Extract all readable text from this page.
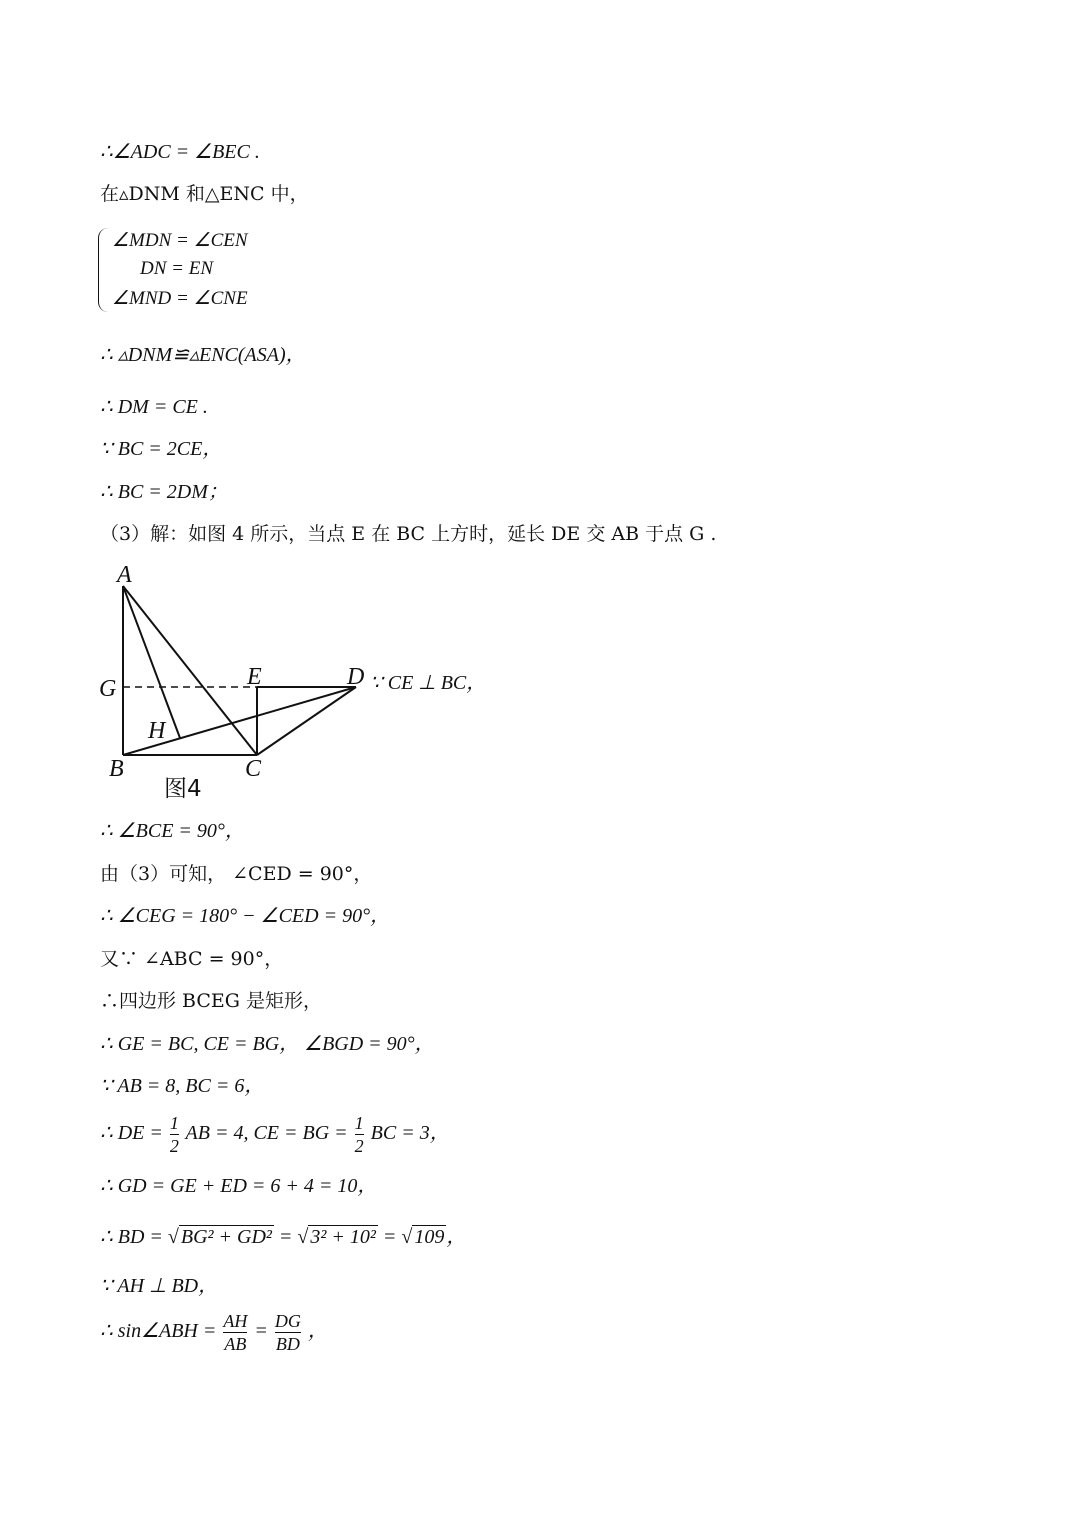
∴∠ADC = ∠BEC .
在▵DNM 和△ENC 中，
∠MDN = ∠CEN
DN = EN
∠MND = ∠CNE
∴ ▵DNM≌▵ENC(ASA)，
∴ DM = CE .
∵ BC = 2CE，
∴ BC = 2DM；
（3）解：如图 4 所示，当点 E 在 BC 上方时，延长 DE 交 AB 于点 G .
A
G	E	D
H
B	C
图4
∵ CE ⊥ BC，
∴ ∠BCE = 90°，
由（3）可知， ∠CED = 90°，
∴ ∠CEG = 180° − ∠CED = 90°，
又∵ ∠ABC = 90°，
∴四边形 BCEG 是矩形，
∴ GE = BC, CE = BG， ∠BGD = 90°，
∵ AB = 8, BC = 6，
∴ DE = $\frac{1}{2}$ AB = 4, CE = BG = $\frac{1}{2}$ BC = 3，
∴ GD = GE + ED = 6 + 4 = 10，
∴ BD = √ BG² + GD² = √ 3² + 10² = √ 109 ，
∵ AH ⊥ BD，
∴ sin∠ABH = $\frac{AH}{AB} = \frac{DG}{BD}$ ，
